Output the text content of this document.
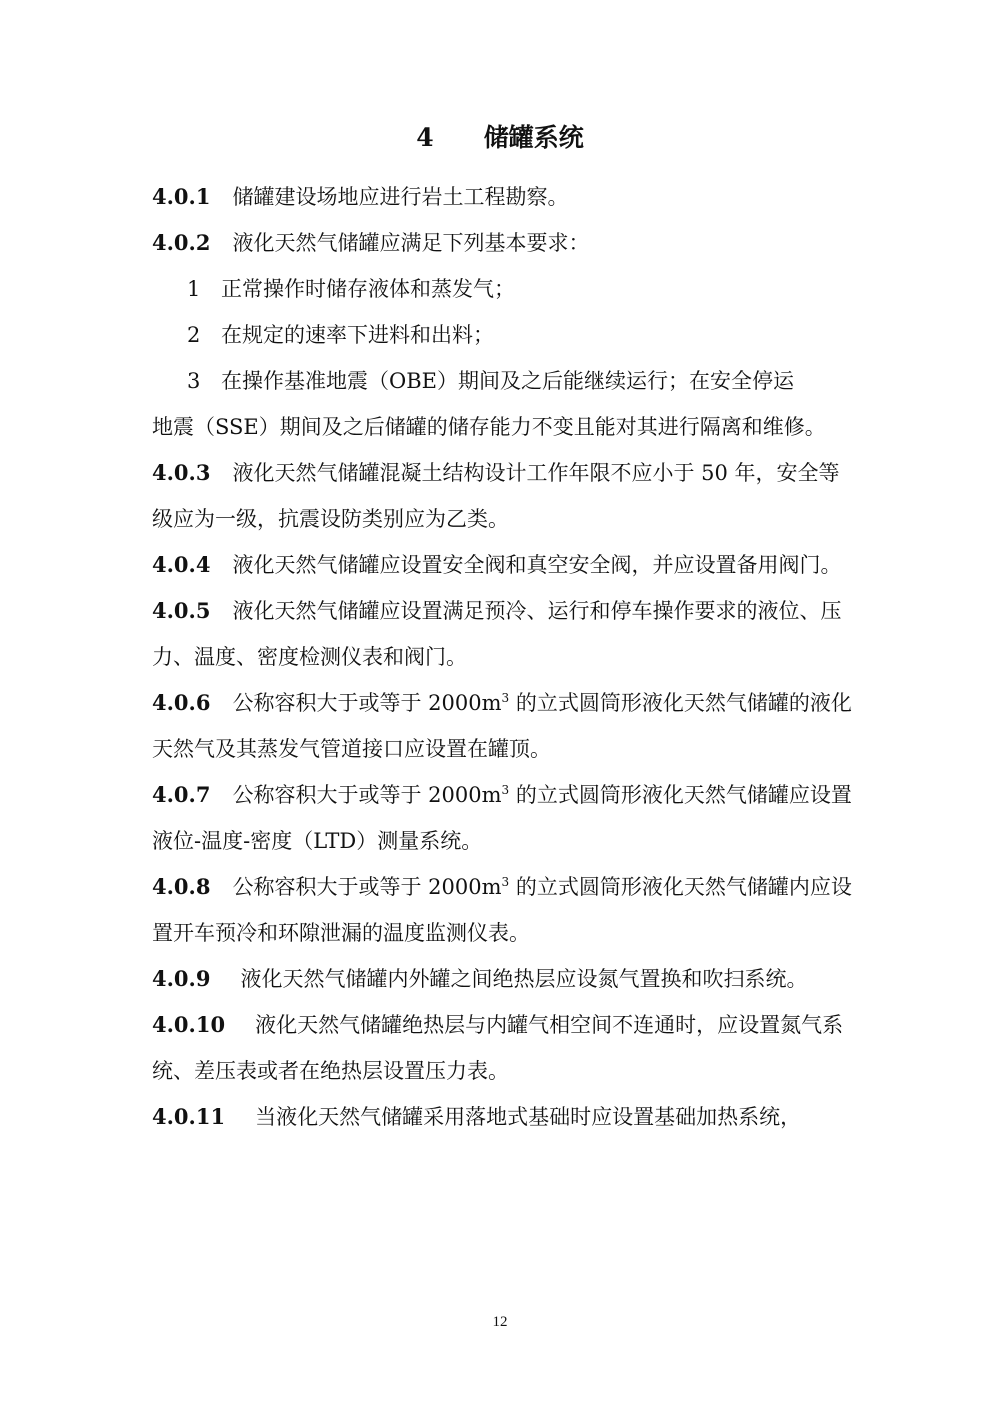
4 储罐系统

4.0.1 储罐建设场地应进行岩土工程勘察。

4.0.2 液化天然气储罐应满足下列基本要求：

1 正常操作时储存液体和蒸发气；

2 在规定的速率下进料和出料；

3 在操作基准地震（OBE）期间及之后能继续运行；在安全停运

地震（SSE）期间及之后储罐的储存能力不变且能对其进行隔离和维修。

4.0.3 液化天然气储罐混凝土结构设计工作年限不应小于 50 年，安全等级应为一级，抗震设防类别应为乙类。

4.0.4 液化天然气储罐应设置安全阀和真空安全阀，并应设置备用阀门。

4.0.5 液化天然气储罐应设置满足预冷、运行和停车操作要求的液位、压力、温度、密度检测仪表和阀门。

4.0.6 公称容积大于或等于 $2000m^3$ 的立式圆筒形液化天然气储罐的液化天然气及其蒸发气管道接口应设置在罐顶。

4.0.7 公称容积大于或等于 $2000m^3$ 的立式圆筒形液化天然气储罐应设置液位-温度-密度（LTD）测量系统。

4.0.8 公称容积大于或等于 $2000m^3$ 的立式圆筒形液化天然气储罐内应设置开车预冷和环隙泄漏的温度监测仪表。

4.0.9 液化天然气储罐内外罐之间绝热层应设氮气置换和吹扫系统。

4.0.10 液化天然气储罐绝热层与内罐气相空间不连通时，应设置氮气系统、差压表或者在绝热层设置压力表。

4.0.11 当液化天然气储罐采用落地式基础时应设置基础加热系统，

12
